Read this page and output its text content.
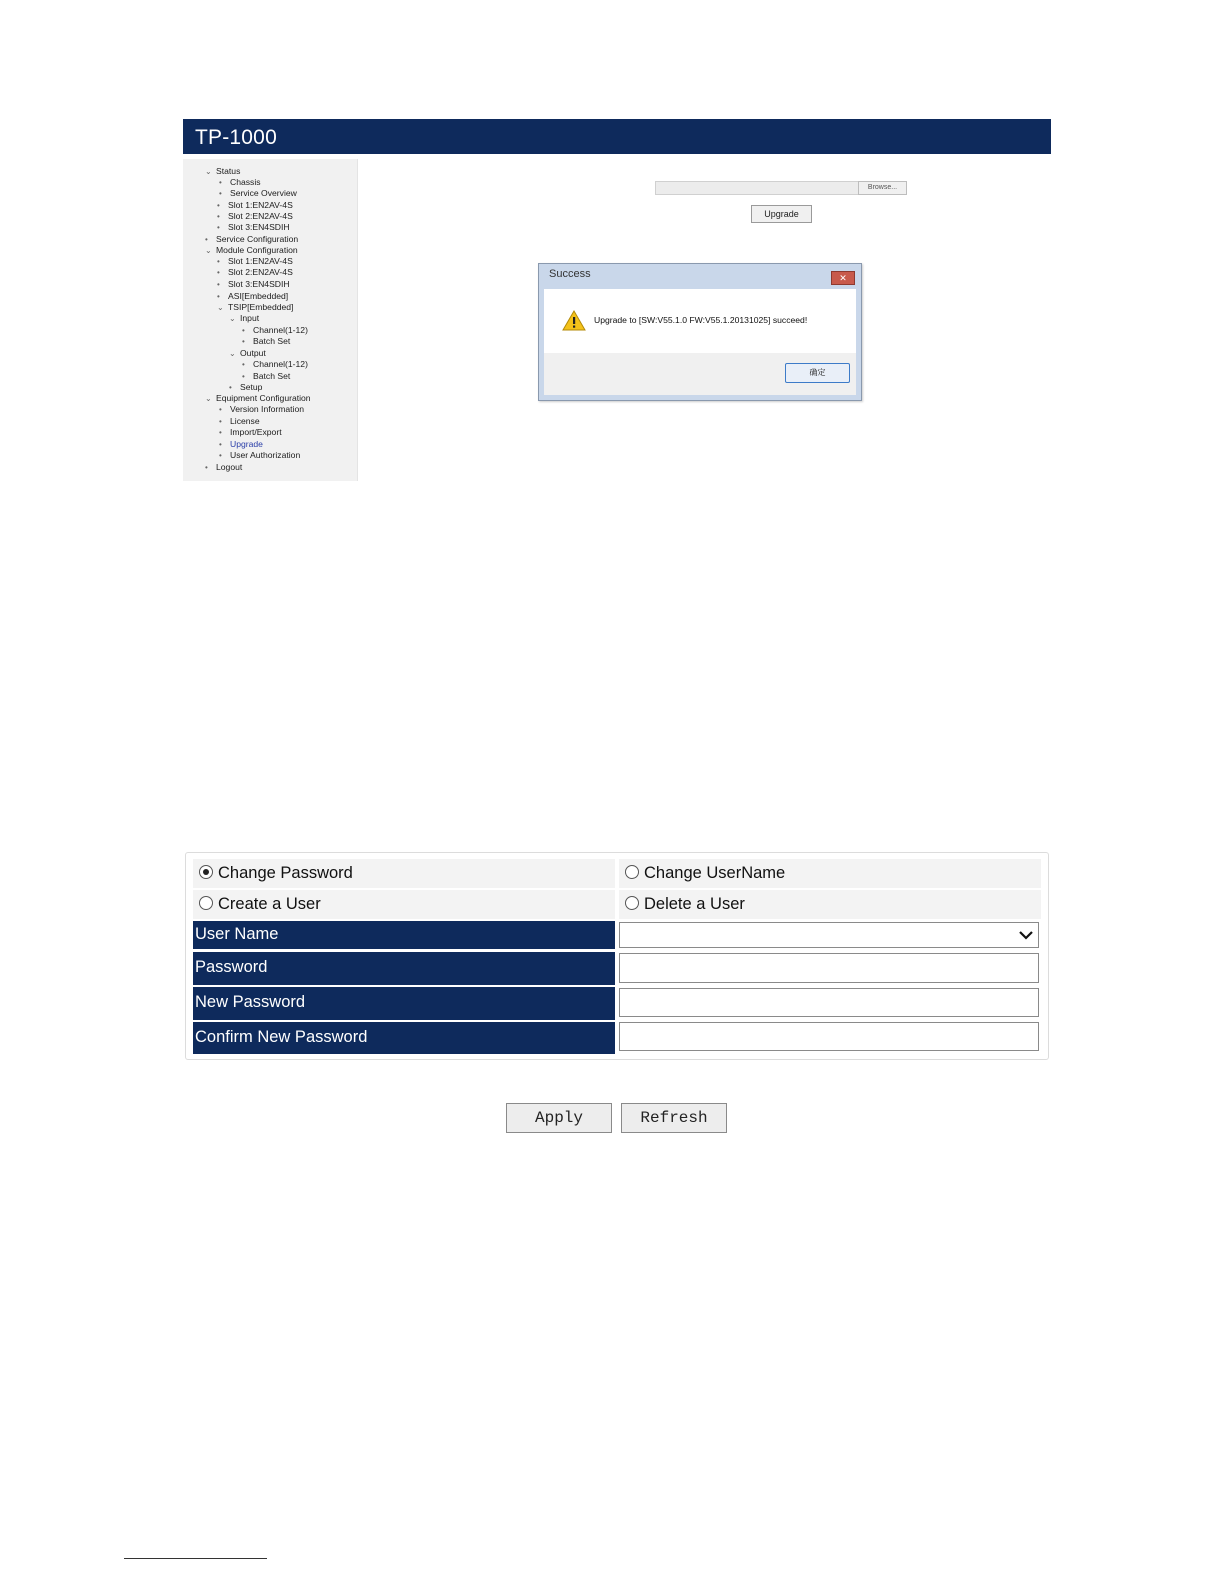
TP-1000
⌄ Status
• Chassis
• Service Overview
• Slot 1:EN2AV-4S
• Slot 2:EN2AV-4S
• Slot 3:EN4SDIH
• Service Configuration
⌄ Module Configuration
• Slot 1:EN2AV-4S
• Slot 2:EN2AV-4S
• Slot 3:EN4SDIH
• ASI[Embedded]
⌄ TSIP[Embedded]
⌄ Input
• Channel(1-12)
• Batch Set
⌄ Output
• Channel(1-12)
• Batch Set
• Setup
⌄ Equipment Configuration
• Version Information
• License
• Import/Export
• Upgrade
• User Authorization
• Logout
Browse...
Upgrade
Success	✕
Upgrade to [SW:V55.1.0 FW:V55.1.20131025] succeed!
确定
Change Password	Change UserName
Create a User	Delete a User
User Name
Password
New Password
Confirm New Password
Apply	Refresh
